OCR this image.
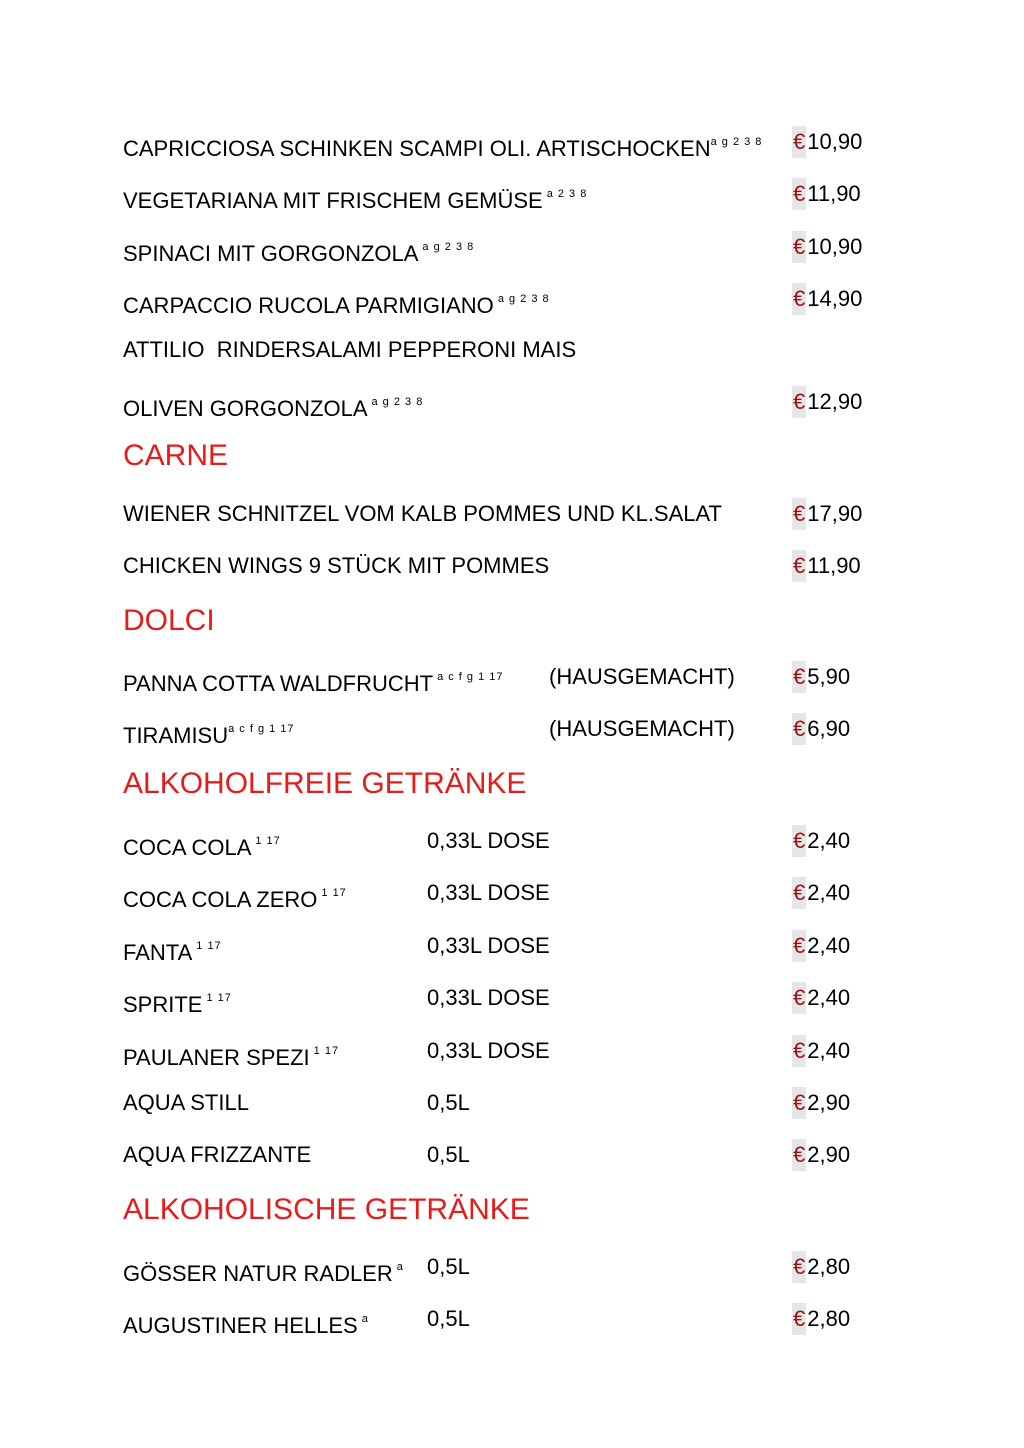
CAPRICCIOSA SCHINKEN SCAMPI OLI. $ARTISCHOCKEN^{a g 2 3 8}$ €10,90
VEGETARIANA MIT FRISCHEM GEMÜSE $^{a 2 3 8}$	€11,90
SPINACI MIT GORGONZOLA $^{a g 2 3 8}$	€10,90
CARPACCIO RUCOLA PARMIGIANO $^{a g 2 3 8}$	€14,90
ATTILIO  RINDERSALAMI PEPPERONI MAIS
OLIVEN GORGONZOLA $^{a g 2 3 8}$	€12,90
CARNE
WIENER SCHNITZEL VOM KALB POMMES UND KL.SALAT	€17,90
CHICKEN WINGS 9 STÜCK MIT POMMES	€11,90
DOLCI
PANNA COTTA WALDFRUCHT $^{a c f g 1 17}$ (HAUSGEMACHT)	€5,90
$TIRAMISU^{a c f g 1 17}$	(HAUSGEMACHT)	€6,90
ALKOHOLFREIE GETRÄNKE
COCA COLA $^{1 17}$	0,33L DOSE	€2,40
COCA COLA ZERO $^{1 17}$	0,33L DOSE	€2,40
FANTA $^{1 17}$	0,33L DOSE	€2,40
SPRITE $^{1 17}$	0,33L DOSE	€2,40
PAULANER SPEZI $^{1 17}$	0,33L DOSE	€2,40
AQUA STILL	0,5L	€2,90
AQUA FRIZZANTE	0,5L	€2,90
ALKOHOLISCHE GETRÄNKE
GÖSSER NATUR RADLER $^a$ 0,5L	€2,80
AUGUSTINER HELLES $^a$	0,5L	€2,80
